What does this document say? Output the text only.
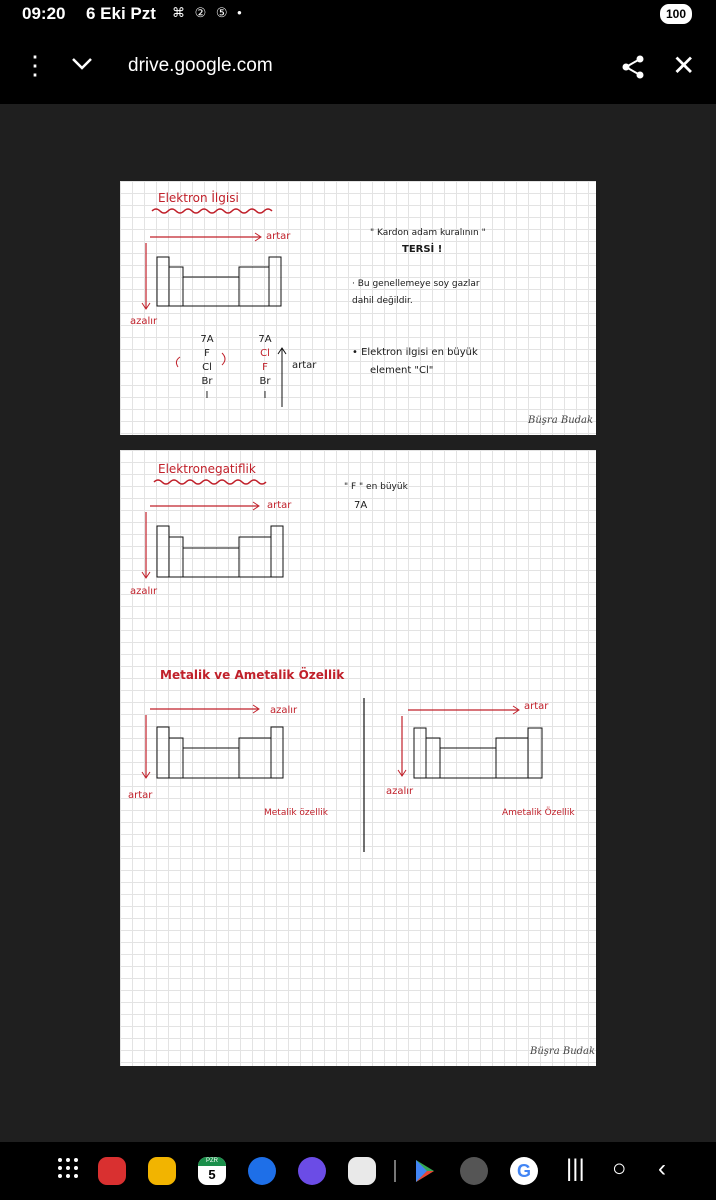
09:20 6 Eki Pzt ⌘ ② ⑤ •	100
⋮	drive.google.com	✕
Elektron İlgisi
artar
azalır
" Kardon adam kuralının "
TERSİ !
· Bu genellemeye soy gazlar
dahil değildir.
• Elektron ilgisi en büyük
element "Cl"
7A
F
Cl
Br
I
7A
Cl
F
Br
I
artar
Büşra Budak
Elektronegatiflik
artar
azalır
" F " en büyük
7A
Metalik ve Ametalik Özellik
azalır
artar
Metalik özellik
artar
azalır
Ametalik Özellik
Büşra Budak
PZR
5	G ||| ○ ‹
